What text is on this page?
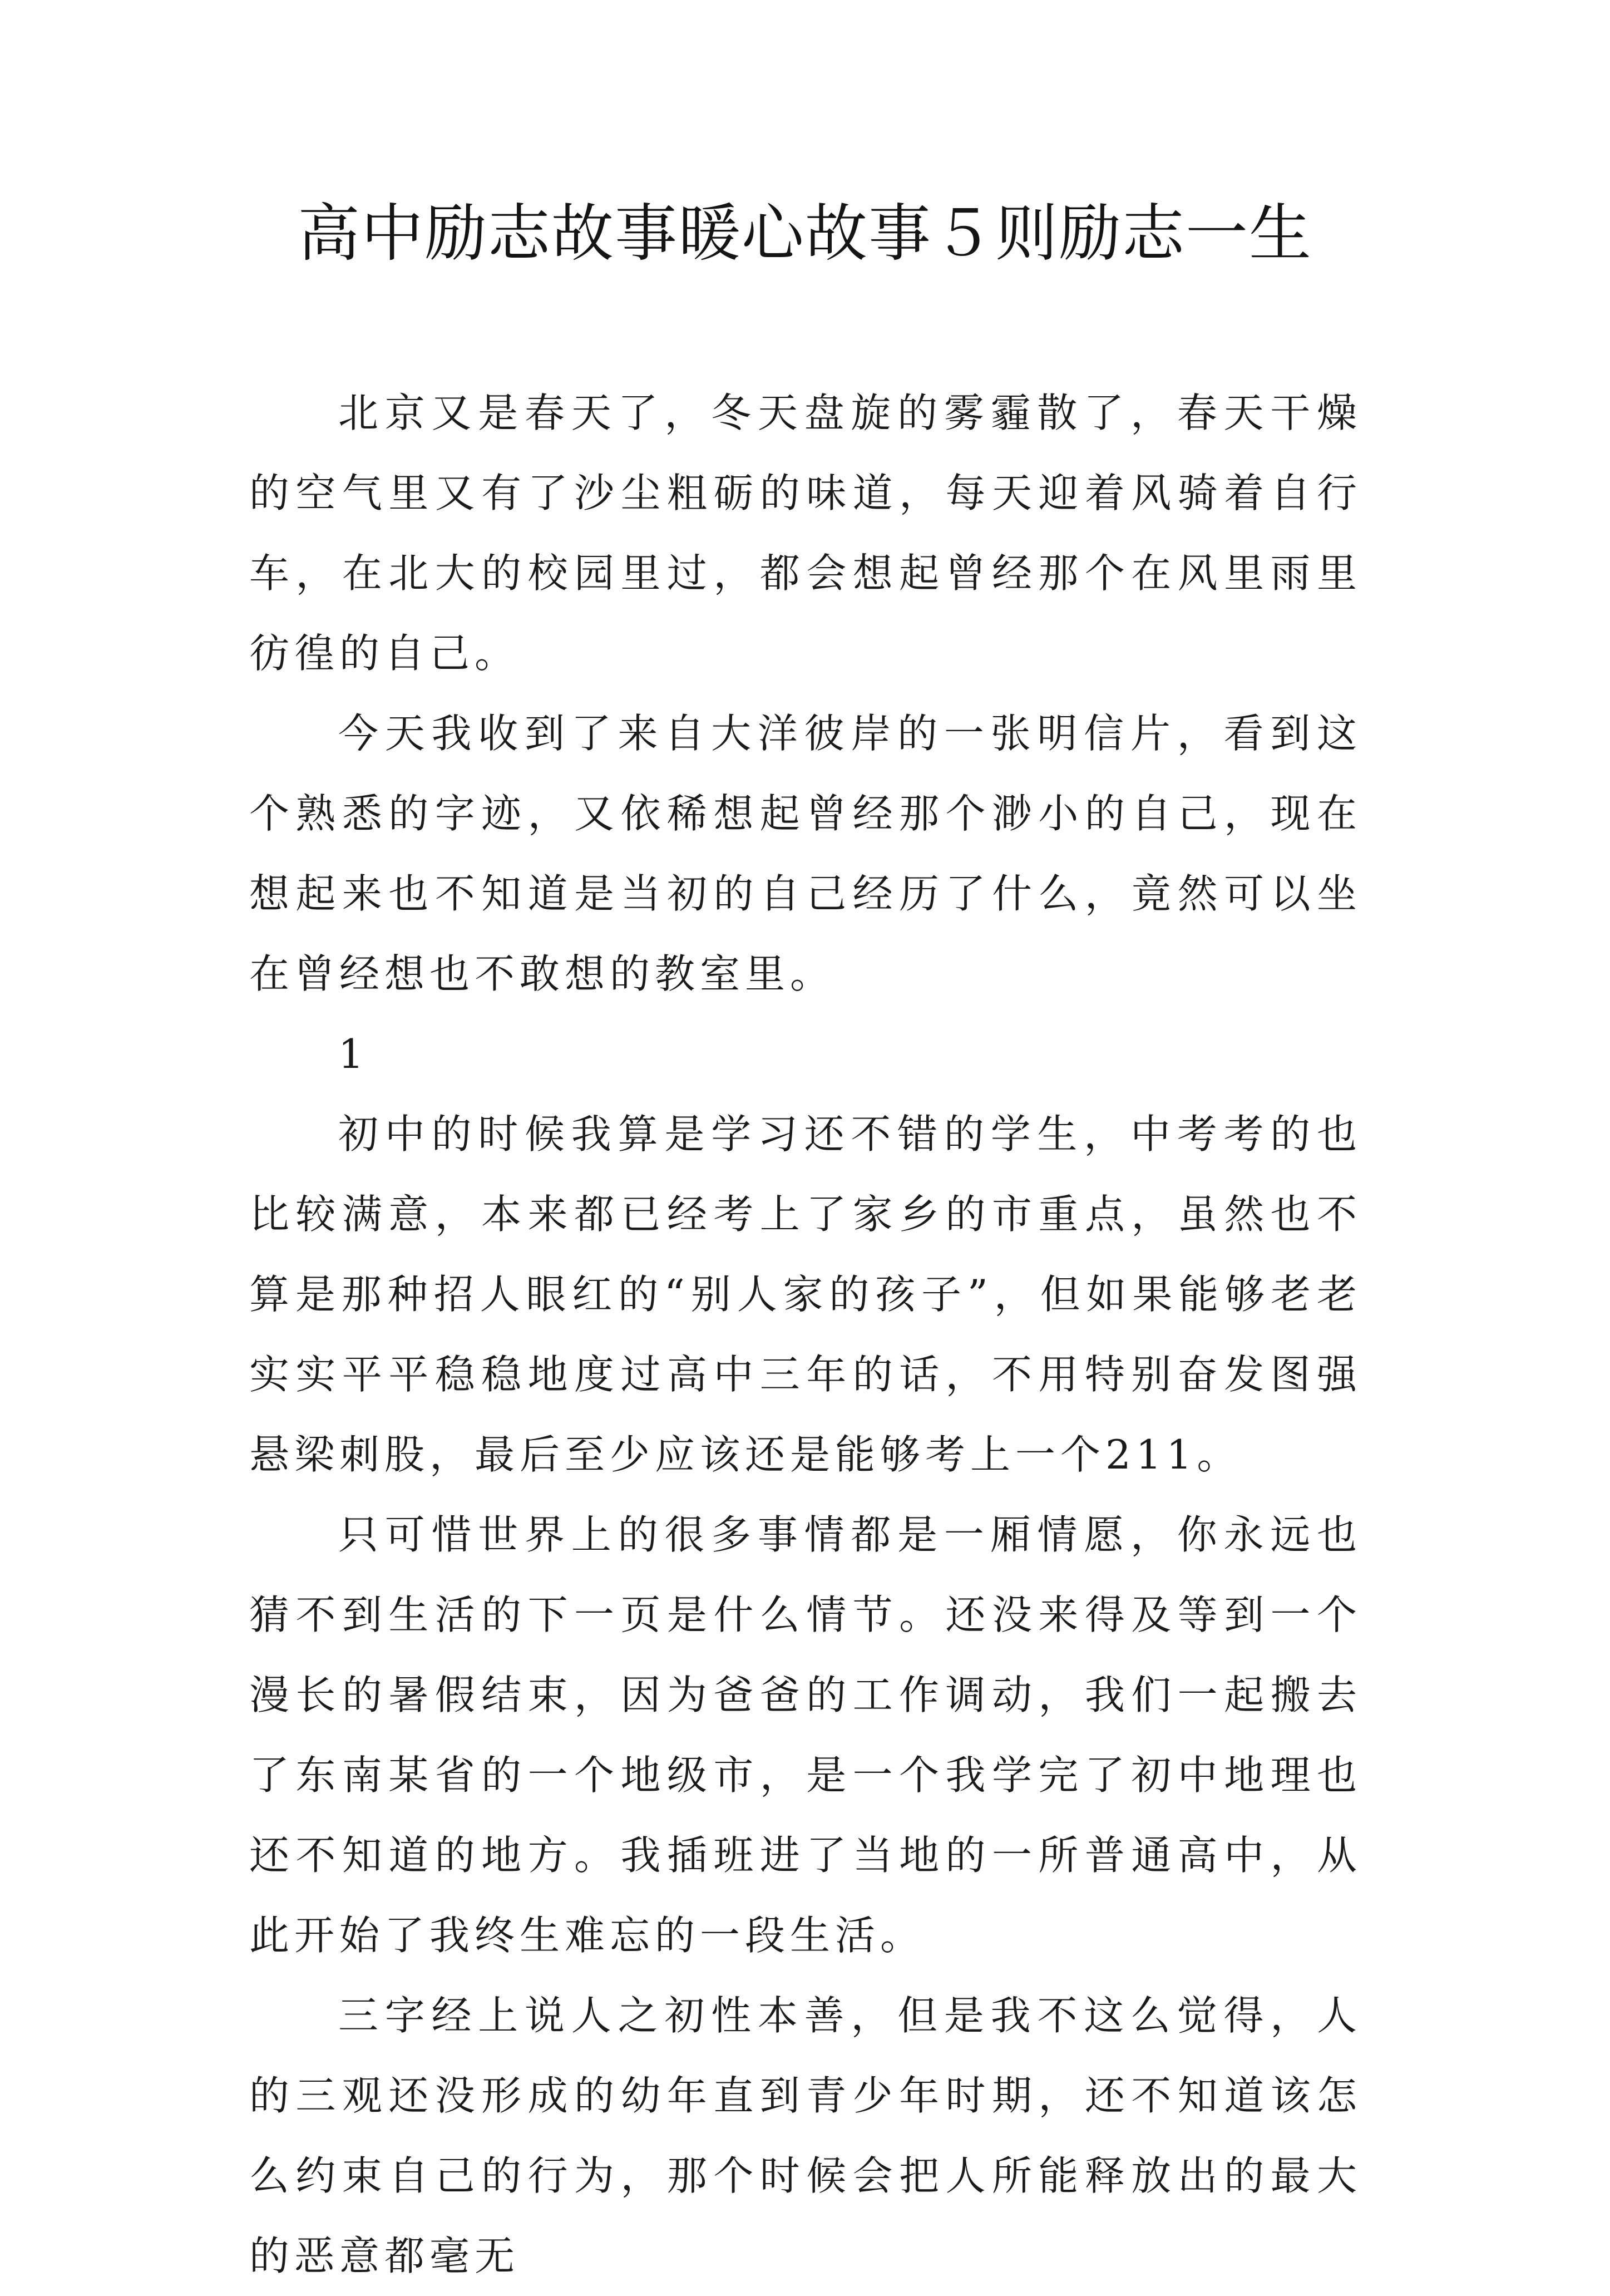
高中励志故事暖心故事５则励志一生

北京又是春天了，冬天盘旋的雾霾散了，春天干燥的空气里又有了沙尘粗砺的味道，每天迎着风骑着自行车，在北大的校园里过，都会想起曾经那个在风里雨里彷徨的自己。

今天我收到了来自大洋彼岸的一张明信片，看到这个熟悉的字迹，又依稀想起曾经那个渺小的自己，现在想起来也不知道是当初的自己经历了什么，竟然可以坐在曾经想也不敢想的教室里。

1

初中的时候我算是学习还不错的学生，中考考的也比较满意，本来都已经考上了家乡的市重点，虽然也不算是那种招人眼红的“别人家的孩子”，但如果能够老老实实平平稳稳地度过高中三年的话，不用特别奋发图强悬梁刺股，最后至少应该还是能够考上一个211。

只可惜世界上的很多事情都是一厢情愿，你永远也猜不到生活的下一页是什么情节。还没来得及等到一个漫长的暑假结束，因为爸爸的工作调动，我们一起搬去了东南某省的一个地级市，是一个我学完了初中地理也还不知道的地方。我插班进了当地的一所普通高中，从此开始了我终生难忘的一段生活。

三字经上说人之初性本善，但是我不这么觉得，人的三观还没形成的幼年直到青少年时期，还不知道该怎么约束自己的行为，那个时候会把人所能释放出的最大的恶意都毫无
